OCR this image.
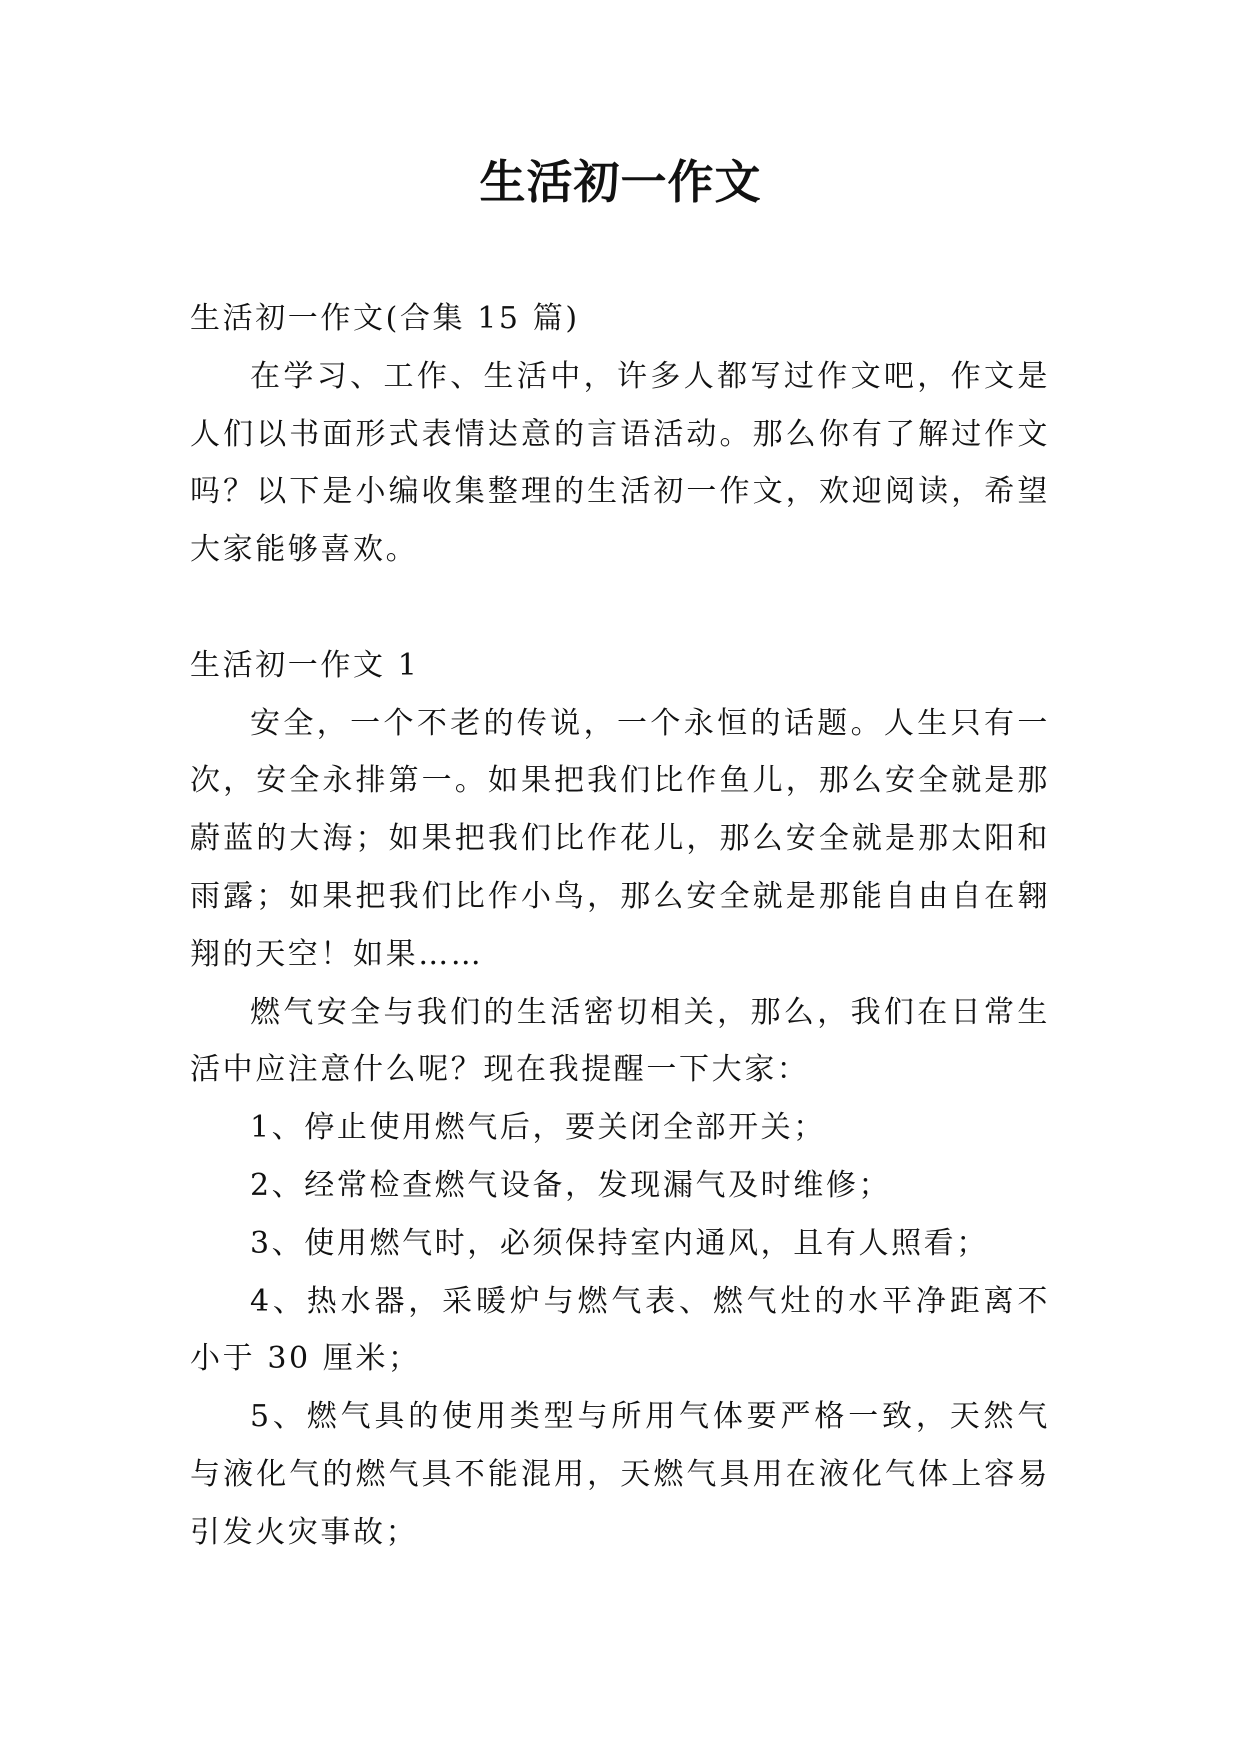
生活初一作文

生活初一作文(合集 15 篇)

在学习、工作、生活中，许多人都写过作文吧，作文是人们以书面形式表情达意的言语活动。那么你有了解过作文吗？以下是小编收集整理的生活初一作文，欢迎阅读，希望大家能够喜欢。

生活初一作文 1

安全，一个不老的传说，一个永恒的话题。人生只有一次，安全永排第一。如果把我们比作鱼儿，那么安全就是那蔚蓝的大海；如果把我们比作花儿，那么安全就是那太阳和雨露；如果把我们比作小鸟，那么安全就是那能自由自在翱翔的天空！如果……

燃气安全与我们的生活密切相关，那么，我们在日常生活中应注意什么呢？现在我提醒一下大家：

1、停止使用燃气后，要关闭全部开关；

2、经常检查燃气设备，发现漏气及时维修；

3、使用燃气时，必须保持室内通风，且有人照看；

4、热水器，采暖炉与燃气表、燃气灶的水平净距离不小于 30 厘米；

5、燃气具的使用类型与所用气体要严格一致，天然气与液化气的燃气具不能混用，天燃气具用在液化气体上容易引发火灾事故；
